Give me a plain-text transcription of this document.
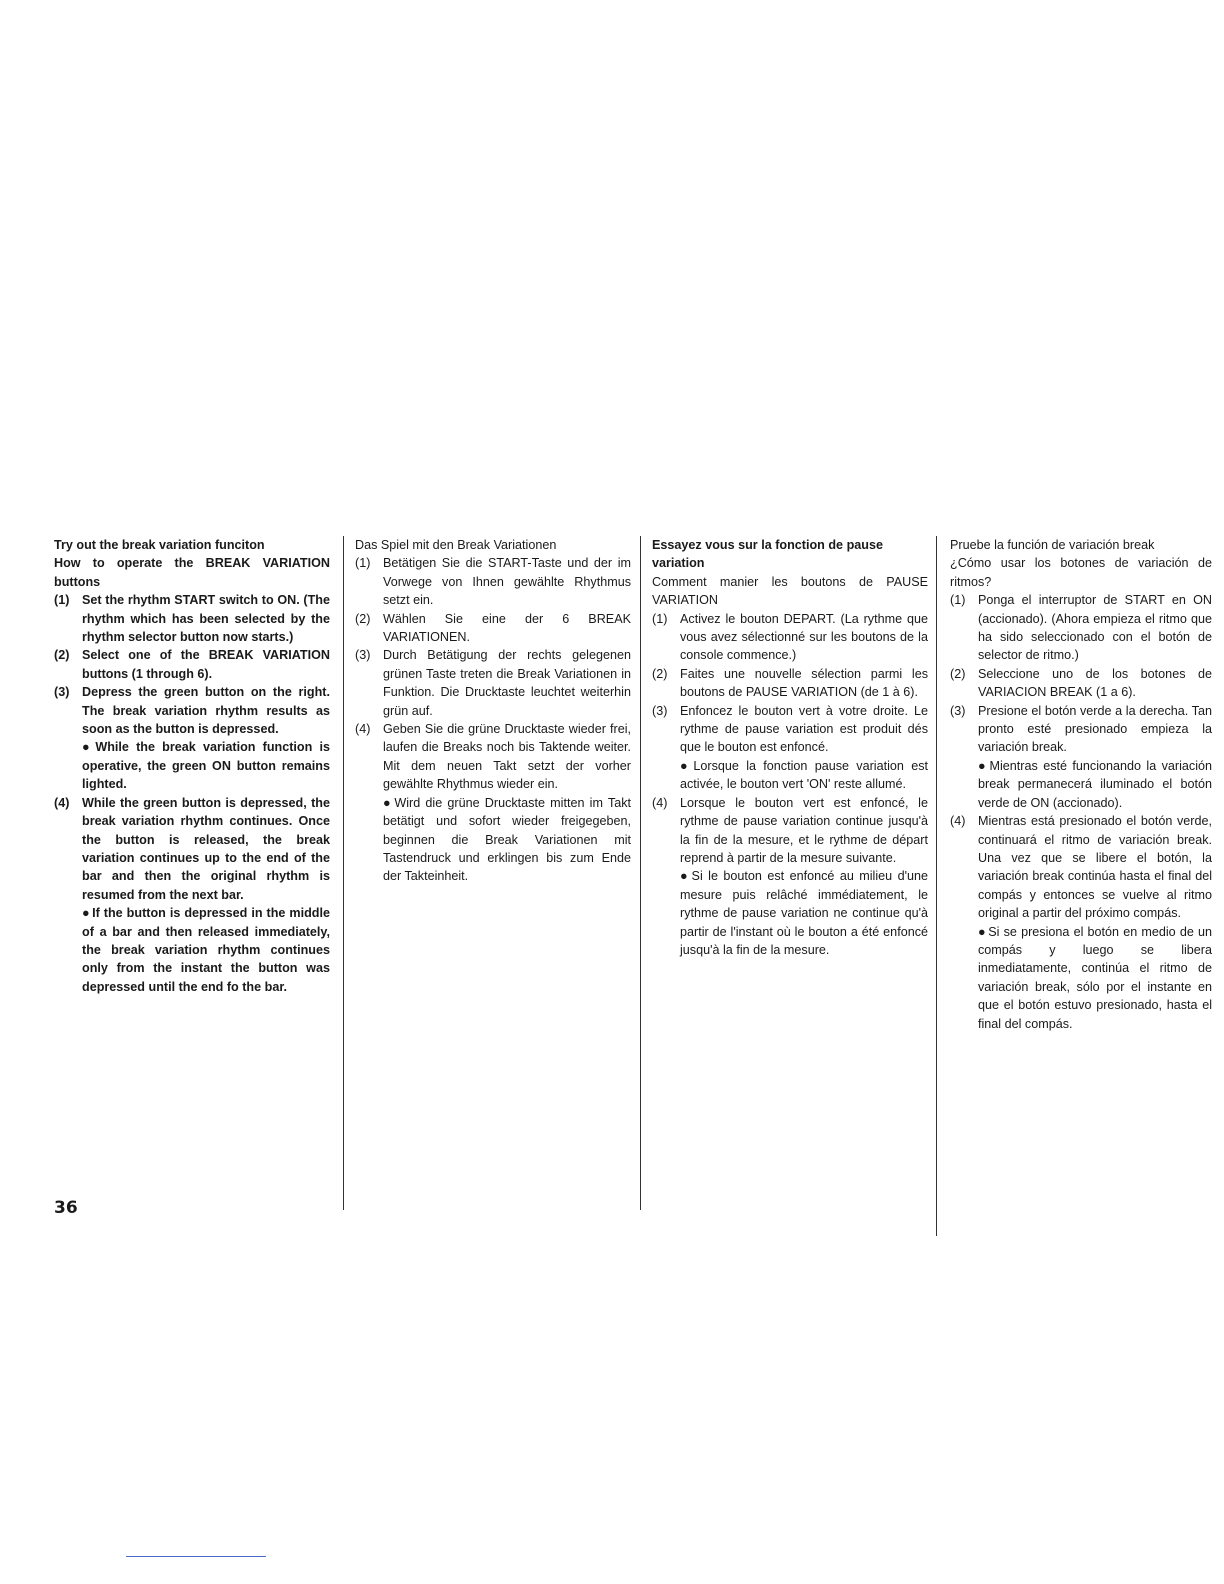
Try out the break variation funciton
How to operate the BREAK VARIATION buttons
(1) Set the rhythm START switch to ON. (The rhythm which has been selected by the rhythm selector button now starts.)
(2) Select one of the BREAK VARIATION buttons (1 through 6).
(3) Depress the green button on the right. The break variation rhythm results as soon as the button is depressed.
● While the break variation function is operative, the green ON button remains lighted.
(4) While the green button is depressed, the break variation rhythm continues. Once the button is released, the break variation continues up to the end of the bar and then the original rhythm is resumed from the next bar.
● If the button is depressed in the middle of a bar and then released immediately, the break variation rhythm continues only from the instant the button was depressed until the end fo the bar.
Das Spiel mit den Break Variationen
(1) Betätigen Sie die START-Taste und der im Vorwege von Ihnen gewählte Rhythmus setzt ein.
(2) Wählen Sie eine der 6 BREAK VARIATIONEN.
(3) Durch Betätigung der rechts gelegenen grünen Taste treten die Break Variationen in Funktion. Die Drucktaste leuchtet weiterhin grün auf.
(4) Geben Sie die grüne Drucktaste wieder frei, laufen die Breaks noch bis Taktende weiter. Mit dem neuen Takt setzt der vorher gewählte Rhythmus wieder ein.
● Wird die grüne Drucktaste mitten im Takt betätigt und sofort wieder freigegeben, beginnen die Break Variationen mit Tastendruck und erklingen bis zum Ende der Takteinheit.
Essayez vous sur la fonction de pause variation
Comment manier les boutons de PAUSE VARIATION
(1) Activez le bouton DEPART. (La rythme que vous avez sélectionné sur les boutons de la console commence.)
(2) Faites une nouvelle sélection parmi les boutons de PAUSE VARIATION (de 1 à 6).
(3) Enfoncez le bouton vert à votre droite. Le rythme de pause variation est produit dés que le bouton est enfoncé.
● Lorsque la fonction pause variation est activée, le bouton vert 'ON' reste allumé.
(4) Lorsque le bouton vert est enfoncé, le rythme de pause variation continue jusqu'à la fin de la mesure, et le rythme de départ reprend à partir de la mesure suivante.
● Si le bouton est enfoncé au milieu d'une mesure puis relâché immédiatement, le rythme de pause variation ne continue qu'à partir de l'instant où le bouton a été enfoncé jusqu'à la fin de la mesure.
Pruebe la función de variación break
¿Cómo usar los botones de variación de ritmos?
(1) Ponga el interruptor de START en ON (accionado). (Ahora empieza el ritmo que ha sido seleccionado con el botón de selector de ritmo.)
(2) Seleccione uno de los botones de VARIACION BREAK (1 a 6).
(3) Presione el botón verde a la derecha. Tan pronto esté presionado empieza la variación break.
● Mientras esté funcionando la variación break permanecerá iluminado el botón verde de ON (accionado).
(4) Mientras está presionado el botón verde, continuará el ritmo de variación break. Una vez que se libere el botón, la variación break continúa hasta el final del compás y entonces se vuelve al ritmo original a partir del próximo compás.
● Si se presiona el botón en medio de un compás y luego se libera inmediatamente, continúa el ritmo de variación break, sólo por el instante en que el botón estuvo presionado, hasta el final del compás.
36
